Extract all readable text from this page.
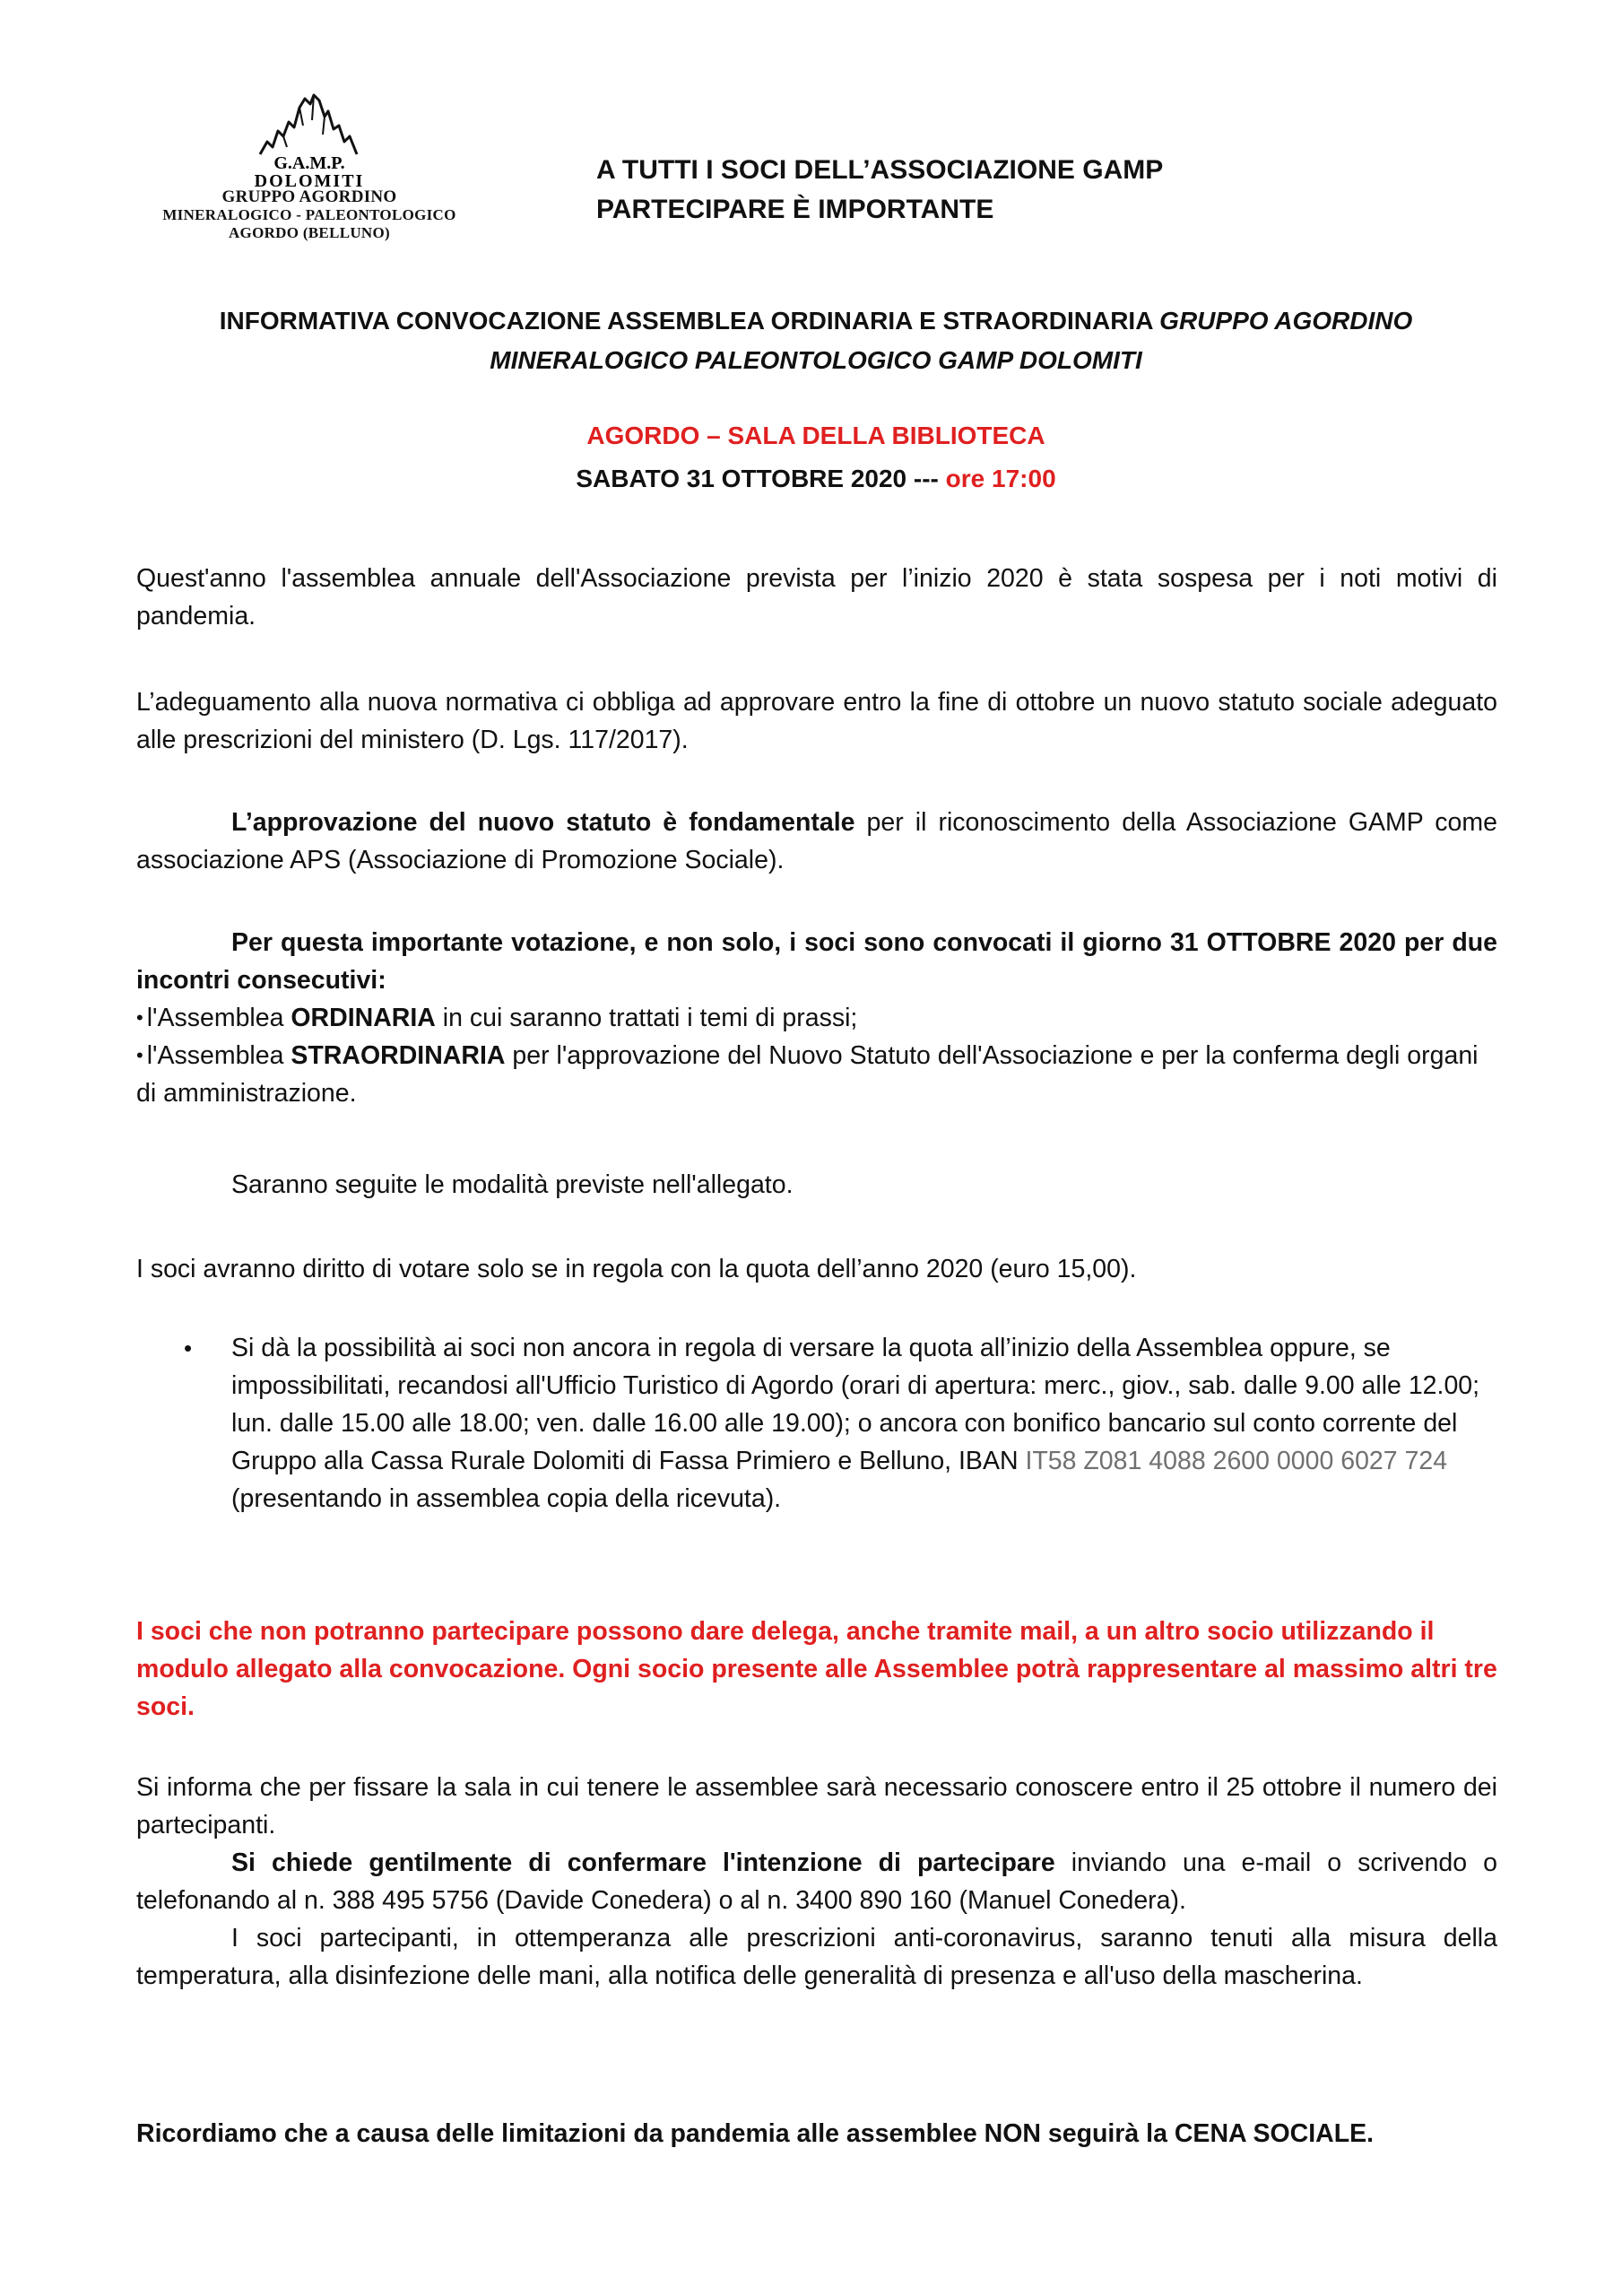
G.A.M.P.
DOLOMITI
GRUPPO AGORDINO
MINERALOGICO - PALEONTOLOGICO
AGORDO (BELLUNO)
A TUTTI I SOCI DELL’ASSOCIAZIONE GAMP
PARTECIPARE È IMPORTANTE
INFORMATIVA CONVOCAZIONE ASSEMBLEA ORDINARIA E STRAORDINARIA GRUPPO AGORDINO
MINERALOGICO PALEONTOLOGICO GAMP DOLOMITI
AGORDO – SALA DELLA BIBLIOTECA
SABATO 31 OTTOBRE 2020 --- ore 17:00

Quest'anno l'assemblea annuale dell'Associazione prevista per l’inizio 2020 è stata sospesa per i noti motivi di pandemia.

L’adeguamento alla nuova normativa ci obbliga ad approvare entro la fine di ottobre un nuovo statuto sociale adeguato alle prescrizioni del ministero (D. Lgs. 117/2017).

L’approvazione del nuovo statuto è fondamentale per il riconoscimento della Associazione GAMP come associazione APS (Associazione di Promozione Sociale).

Per questa importante votazione, e non solo, i soci sono convocati il giorno 31 OTTOBRE 2020 per due incontri consecutivi:

• l'Assemblea ORDINARIA in cui saranno trattati i temi di prassi;

• l'Assemblea STRAORDINARIA per l'approvazione del Nuovo Statuto dell'Associazione e per la conferma degli organi di amministrazione.

Saranno seguite le modalità previste nell'allegato.

I soci avranno diritto di votare solo se in regola con la quota dell’anno 2020 (euro 15,00).

• Si dà la possibilità ai soci non ancora in regola di versare la quota all’inizio della Assemblea oppure, se impossibilitati, recandosi all'Ufficio Turistico di Agordo (orari di apertura: merc., giov., sab. dalle 9.00 alle 12.00; lun. dalle 15.00 alle 18.00; ven. dalle 16.00 alle 19.00); o ancora con bonifico bancario sul conto corrente del Gruppo alla Cassa Rurale Dolomiti di Fassa Primiero e Belluno, IBAN IT58 Z081 4088 2600 0000 6027 724 (presentando in assemblea copia della ricevuta).

I soci che non potranno partecipare possono dare delega, anche tramite mail, a un altro socio utilizzando il modulo allegato alla convocazione. Ogni socio presente alle Assemblee potrà rappresentare al massimo altri tre soci.

Si informa che per fissare la sala in cui tenere le assemblee sarà necessario conoscere entro il 25 ottobre il numero dei partecipanti.

Si chiede gentilmente di confermare l'intenzione di partecipare inviando una e-mail o scrivendo o telefonando al n. 388 495 5756 (Davide Conedera) o al n. 3400 890 160 (Manuel Conedera).

I soci partecipanti, in ottemperanza alle prescrizioni anti-coronavirus, saranno tenuti alla misura della temperatura, alla disinfezione delle mani, alla notifica delle generalità di presenza e all'uso della mascherina.

Ricordiamo che a causa delle limitazioni da pandemia alle assemblee NON seguirà la CENA SOCIALE.
